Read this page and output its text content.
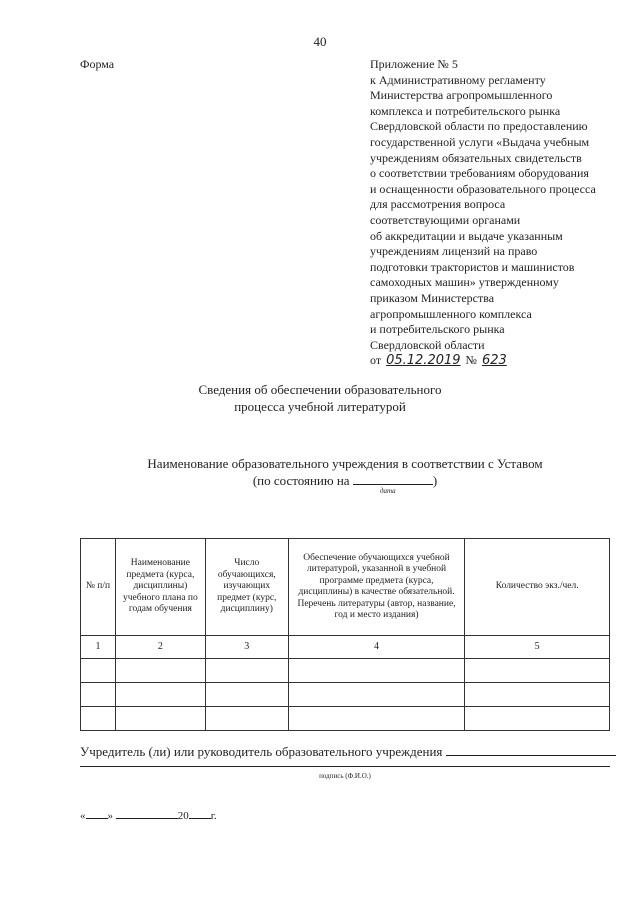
40
Форма	Приложение № 5
к Административному регламенту
Министерства агропромышленного
комплекса и потребительского рынка
Свердловской области по предоставлению
государственной услуги «Выдача учебным
учреждениям обязательных свидетельств
о соответствии требованиям оборудования
и оснащенности образовательного процесса
для рассмотрения вопроса
соответствующими органами
об аккредитации и выдаче указанным
учреждениям лицензий на право
подготовки трактористов и машинистов
самоходных машин» утвержденному
приказом Министерства
агропромышленного комплекса
и потребительского рынка
Свердловской области
от 05.12.2019 № 623
Сведения об обеспечении образовательного
процесса учебной литературой
Наименование образовательного учреждения в соответствии с Уставом
(по состоянию на	)
дата
№ п/п	Наименование предмета (курса, дисциплины) учебного плана по годам обучения	Число обучающихся, изучающих предмет (курс, дисциплину)	Обеспечение обучающихся учебной литературой, указанной в учебной программе предмета (курса, дисциплины) в качестве обязательной. Перечень литературы (автор, название, год и место издания)	Количество экз./чел.
1	2	3	4	5

Учредитель (ли) или руководитель образовательного учреждения
подпись (Ф.И.О.)
« »	20 г.
